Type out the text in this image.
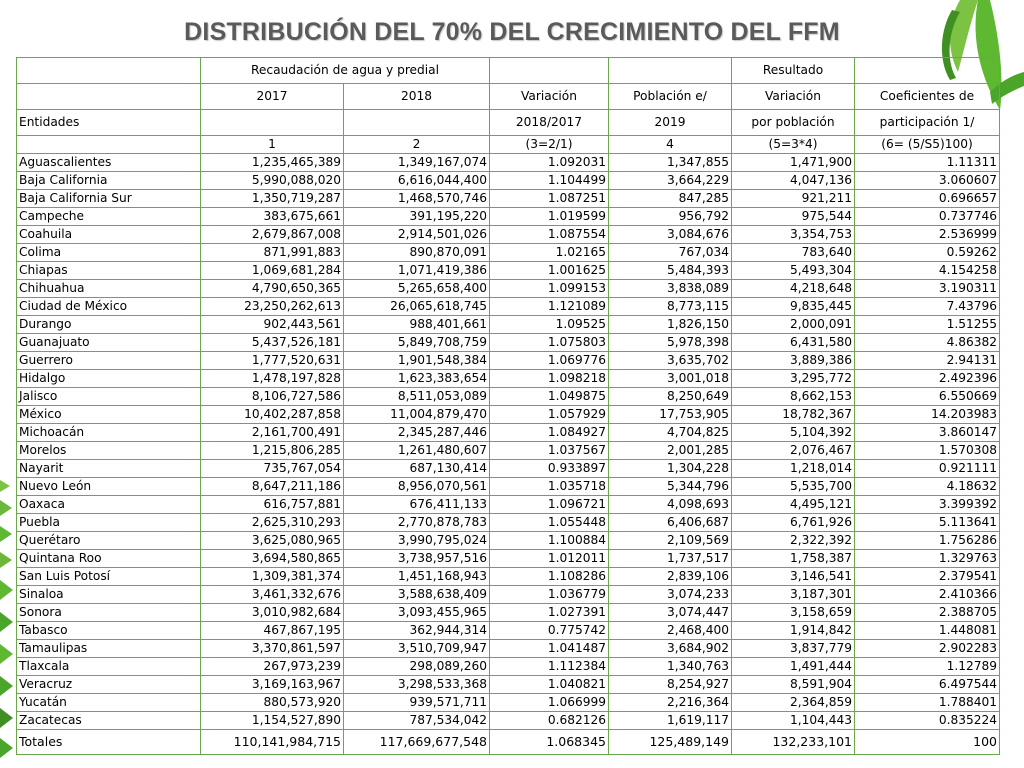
DISTRIBUCIÓN DEL 70% DEL CRECIMIENTO DEL FFM
	Recaudación de agua y predial				Resultado	
	2017	2018	Variación	Población e/	Variación	Coeficientes de
Entidades			2018/2017	2019	por población	participación 1/
	1	2	(3=2/1)	4	(5=3*4)	(6= (5/S5)100)
Aguascalientes	1,235,465,389	1,349,167,074	1.092031	1,347,855	1,471,900	1.11311
Baja California	5,990,088,020	6,616,044,400	1.104499	3,664,229	4,047,136	3.060607
Baja California Sur	1,350,719,287	1,468,570,746	1.087251	847,285	921,211	0.696657
Campeche	383,675,661	391,195,220	1.019599	956,792	975,544	0.737746
Coahuila	2,679,867,008	2,914,501,026	1.087554	3,084,676	3,354,753	2.536999
Colima	871,991,883	890,870,091	1.02165	767,034	783,640	0.59262
Chiapas	1,069,681,284	1,071,419,386	1.001625	5,484,393	5,493,304	4.154258
Chihuahua	4,790,650,365	5,265,658,400	1.099153	3,838,089	4,218,648	3.190311
Ciudad de México	23,250,262,613	26,065,618,745	1.121089	8,773,115	9,835,445	7.43796
Durango	902,443,561	988,401,661	1.09525	1,826,150	2,000,091	1.51255
Guanajuato	5,437,526,181	5,849,708,759	1.075803	5,978,398	6,431,580	4.86382
Guerrero	1,777,520,631	1,901,548,384	1.069776	3,635,702	3,889,386	2.94131
Hidalgo	1,478,197,828	1,623,383,654	1.098218	3,001,018	3,295,772	2.492396
Jalisco	8,106,727,586	8,511,053,089	1.049875	8,250,649	8,662,153	6.550669
México	10,402,287,858	11,004,879,470	1.057929	17,753,905	18,782,367	14.203983
Michoacán	2,161,700,491	2,345,287,446	1.084927	4,704,825	5,104,392	3.860147
Morelos	1,215,806,285	1,261,480,607	1.037567	2,001,285	2,076,467	1.570308
Nayarit	735,767,054	687,130,414	0.933897	1,304,228	1,218,014	0.921111
Nuevo León	8,647,211,186	8,956,070,561	1.035718	5,344,796	5,535,700	4.18632
Oaxaca	616,757,881	676,411,133	1.096721	4,098,693	4,495,121	3.399392
Puebla	2,625,310,293	2,770,878,783	1.055448	6,406,687	6,761,926	5.113641
Querétaro	3,625,080,965	3,990,795,024	1.100884	2,109,569	2,322,392	1.756286
Quintana Roo	3,694,580,865	3,738,957,516	1.012011	1,737,517	1,758,387	1.329763
San Luis Potosí	1,309,381,374	1,451,168,943	1.108286	2,839,106	3,146,541	2.379541
Sinaloa	3,461,332,676	3,588,638,409	1.036779	3,074,233	3,187,301	2.410366
Sonora	3,010,982,684	3,093,455,965	1.027391	3,074,447	3,158,659	2.388705
Tabasco	467,867,195	362,944,314	0.775742	2,468,400	1,914,842	1.448081
Tamaulipas	3,370,861,597	3,510,709,947	1.041487	3,684,902	3,837,779	2.902283
Tlaxcala	267,973,239	298,089,260	1.112384	1,340,763	1,491,444	1.12789
Veracruz	3,169,163,967	3,298,533,368	1.040821	8,254,927	8,591,904	6.497544
Yucatán	880,573,920	939,571,711	1.066999	2,216,364	2,364,859	1.788401
Zacatecas	1,154,527,890	787,534,042	0.682126	1,619,117	1,104,443	0.835224
Totales	110,141,984,715	117,669,677,548	1.068345	125,489,149	132,233,101	100
